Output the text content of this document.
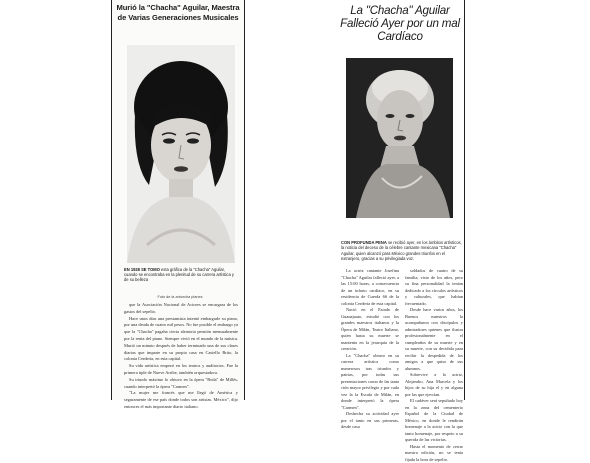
Murió la "Chacha" Aguilar, Maestra de Varias Generaciones Musicales
EN 1928 SE TOMO esta gráfica de la "Chacha" Aguilar, cuando se encontraba en la plenitud de su carrera artística y de su belleza
Foto de la antorcha planes

que la Asociación Nacional de Actores se encargara de los gastos del sepelio.

Hace unos días una prestamista intentó embargarle su piano, por una deuda de cuatro mil pesos. No fue posible el embargo ya que la "Chacha" pagaba cierta aleatoria pensión mensualmente por la renta del piano. Siempre vivió en el mundo de la música. Murió un minuto después de haber terminado una de sus clases diarias que imparte en su propia casa en Casiello Brito, la colonia Cerdería, en esta capital.

Su vida artística empezó en los teatros y auditorios. Fue la primera tiple de Nueve Arribe, también orquestadora.

Su triunfo máximo lo obtuvo en la ópera "Boda" de Millés, cuando interpretó la ópera "Carmen".

"La mujer me francés que me llegó de América y seguramente de ese país donde todos son artistas. México", dijo entonces el más importante diario italiano.

La "Chacha" Aguilar Falleció Ayer por un mal Cardíaco
CON PROFUNDA PENA se recibió ayer, en los ámbitos artísticos, la noticia del deceso de la célebre cantante mexicana "Chacha" Aguilar, quien alcanzó para México grandes triunfos en el extranjero, gracias a su privilegiada voz.

La actriz cantante Josefina "Chacha" Aguilar falleció ayer, a las 15:00 horas, a consecuencia de un infarto cardíaco, en su residencia de Cuerda 66 de la colonia Cerdería de esta capital.

Nació en el Estado de Guanajuato, estudió con los grandes maestros italianos y la Ópera de Milán, Teatro Italiano, quien hasta su muerte se mantenía en la jerarquía de la creación.

La "Chacha" obtuvo en su carrera artística como numerosos tras triunfos y patrias, por todas sus presentaciones como de las tanta ción mayor privilegio y por cada vez la la Escala de Milán, en donde interpretó la ópera "Carmen".

Deshecha su actividad ayer por el tanto en sus primeras, desde casa

soldados de cuatro de su familia, visto de los años, pero su fina personalidad la tenían dedicado a los círculos artísticos y culturales, que habían frecuentado.

Desde hace varios años, los Buenos maestros la acompañaron con discípulos y admiradores quienes que ilustra profesionalmente en el cumpleaños de su muerte y en su muerte, con su decidida para recibir la despedida de los amigos a que quiso de sus alumnos.

Sobrevive a la actriz, Alejandro, Ana Marcela y los hijos de su hija el y en alguna por las que ejercían.

El cadáver será sepultado hoy en la zona del cementerio Español de la Ciudad de México, en donde le rendirán homenaje a la actriz con la que tanto homenaje, por respeto a su querida de las victorias.

Hasta el momento de cerrar nuestra edición, no se tenía fijada la hora de sepelio.
